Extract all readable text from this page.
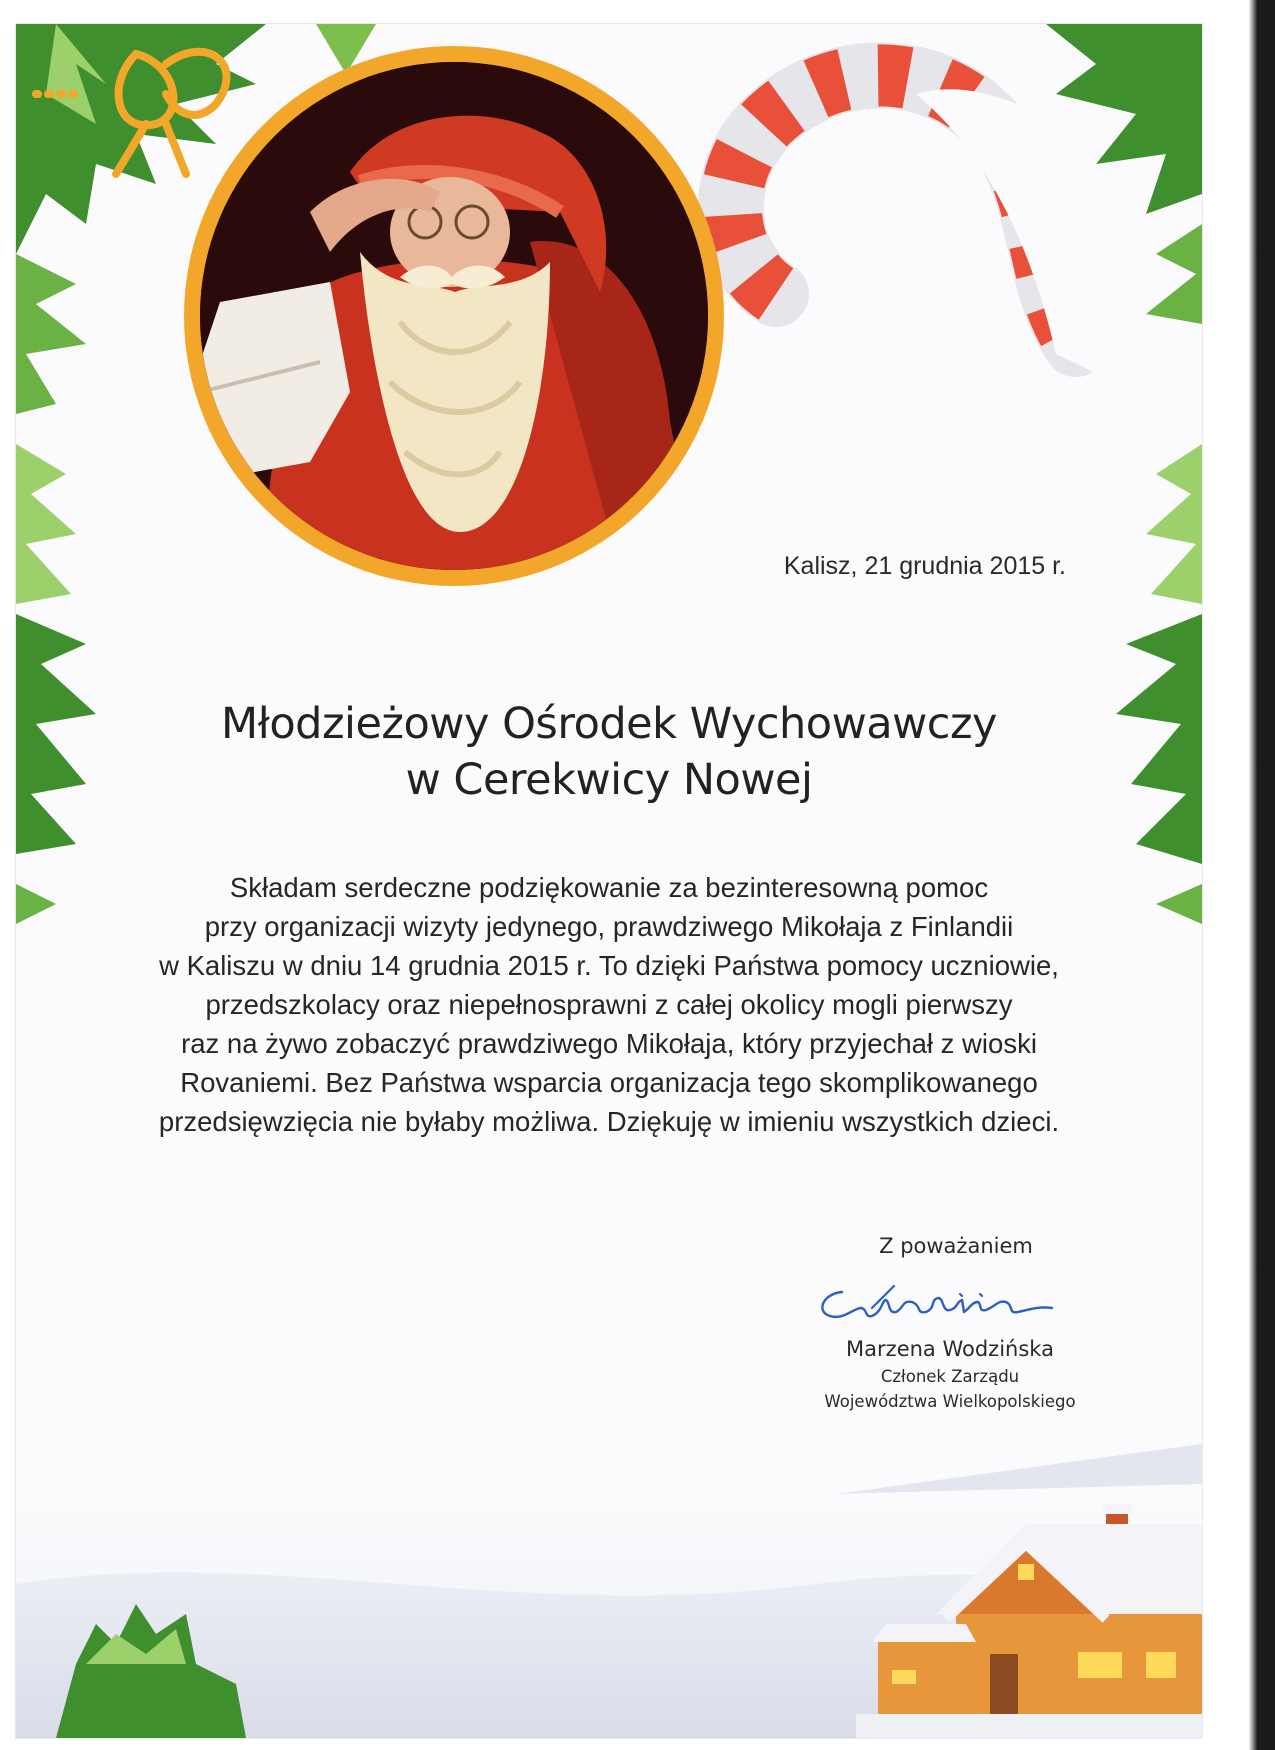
Kalisz, 21 grudnia 2015 r.
Młodzieżowy Ośrodek Wychowawczy
w Cerekwicy Nowej
Składam serdeczne podziękowanie za bezinteresowną pomoc
przy organizacji wizyty jedynego, prawdziwego Mikołaja z Finlandii
w Kaliszu w dniu 14 grudnia 2015 r. To dzięki Państwa pomocy uczniowie,
przedszkolacy oraz niepełnosprawni z całej okolicy mogli pierwszy
raz na żywo zobaczyć prawdziwego Mikołaja, który przyjechał z wioski
Rovaniemi. Bez Państwa wsparcia organizacja tego skomplikowanego
przedsięwzięcia nie byłaby możliwa. Dziękuję w imieniu wszystkich dzieci.
Z poważaniem
Marzena Wodzińska
Członek Zarządu
Województwa Wielkopolskiego
